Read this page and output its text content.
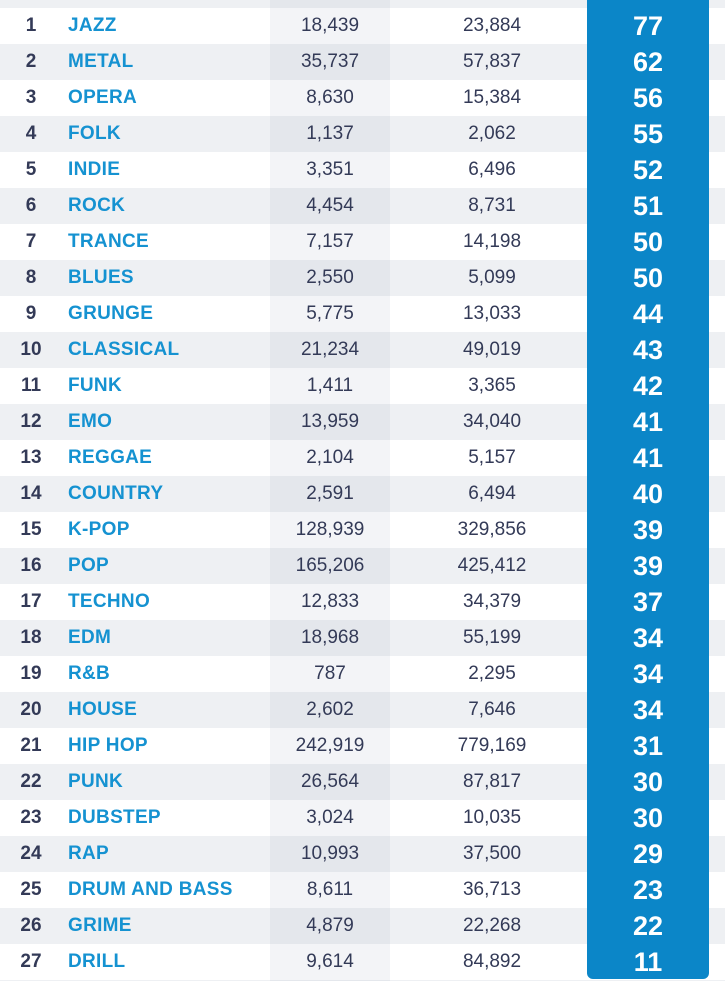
1	JAZZ	18,439	23,884	77
2	METAL	35,737	57,837	62
3	OPERA	8,630	15,384	56
4	FOLK	1,137	2,062	55
5	INDIE	3,351	6,496	52
6	ROCK	4,454	8,731	51
7	TRANCE	7,157	14,198	50
8	BLUES	2,550	5,099	50
9	GRUNGE	5,775	13,033	44
10	CLASSICAL	21,234	49,019	43
11	FUNK	1,411	3,365	42
12	EMO	13,959	34,040	41
13	REGGAE	2,104	5,157	41
14	COUNTRY	2,591	6,494	40
15	K-POP	128,939	329,856	39
16	POP	165,206	425,412	39
17	TECHNO	12,833	34,379	37
18	EDM	18,968	55,199	34
19	R&B	787	2,295	34
20	HOUSE	2,602	7,646	34
21	HIP HOP	242,919	779,169	31
22	PUNK	26,564	87,817	30
23	DUBSTEP	3,024	10,035	30
24	RAP	10,993	37,500	29
25	DRUM AND BASS	8,611	36,713	23
26	GRIME	4,879	22,268	22
27	DRILL	9,614	84,892	11
